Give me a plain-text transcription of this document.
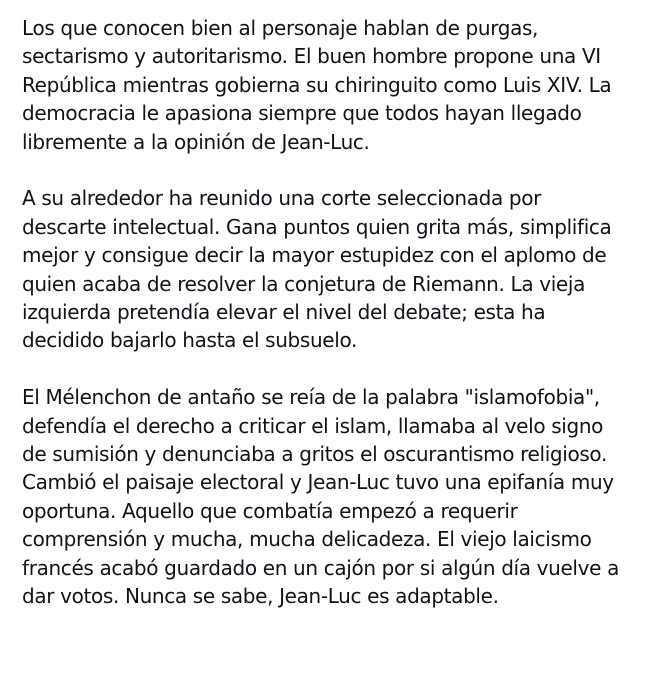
Los que conocen bien al personaje hablan de purgas,
sectarismo y autoritarismo. El buen hombre propone una VI
República mientras gobierna su chiringuito como Luis XIV. La
democracia le apasiona siempre que todos hayan llegado
libremente a la opinión de Jean-Luc.

A su alrededor ha reunido una corte seleccionada por
descarte intelectual. Gana puntos quien grita más, simplifica
mejor y consigue decir la mayor estupidez con el aplomo de
quien acaba de resolver la conjetura de Riemann. La vieja
izquierda pretendía elevar el nivel del debate; esta ha
decidido bajarlo hasta el subsuelo.

El Mélenchon de antaño se reía de la palabra "islamofobia",
defendía el derecho a criticar el islam, llamaba al velo signo
de sumisión y denunciaba a gritos el oscurantismo religioso.
Cambió el paisaje electoral y Jean-Luc tuvo una epifanía muy
oportuna. Aquello que combatía empezó a requerir
comprensión y mucha, mucha delicadeza. El viejo laicismo
francés acabó guardado en un cajón por si algún día vuelve a
dar votos. Nunca se sabe, Jean-Luc es adaptable.
